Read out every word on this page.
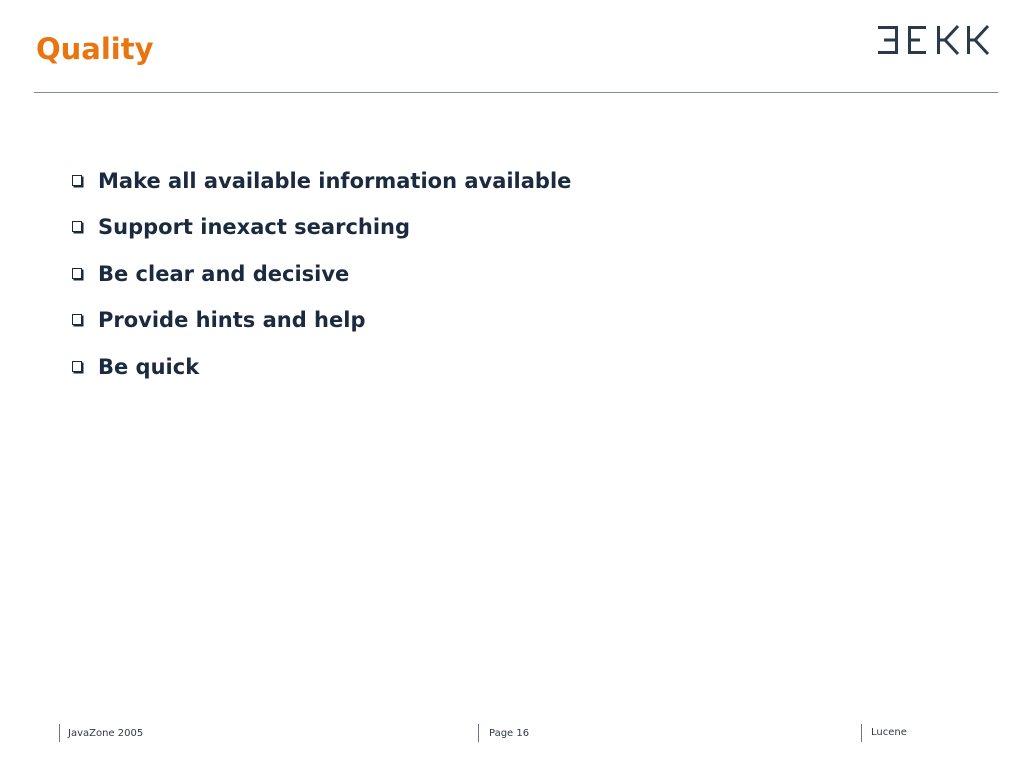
Quality
Make all available information available
Support inexact searching
Be clear and decisive
Provide hints and help
Be quick
JavaZone 2005	Page 16	Lucene
